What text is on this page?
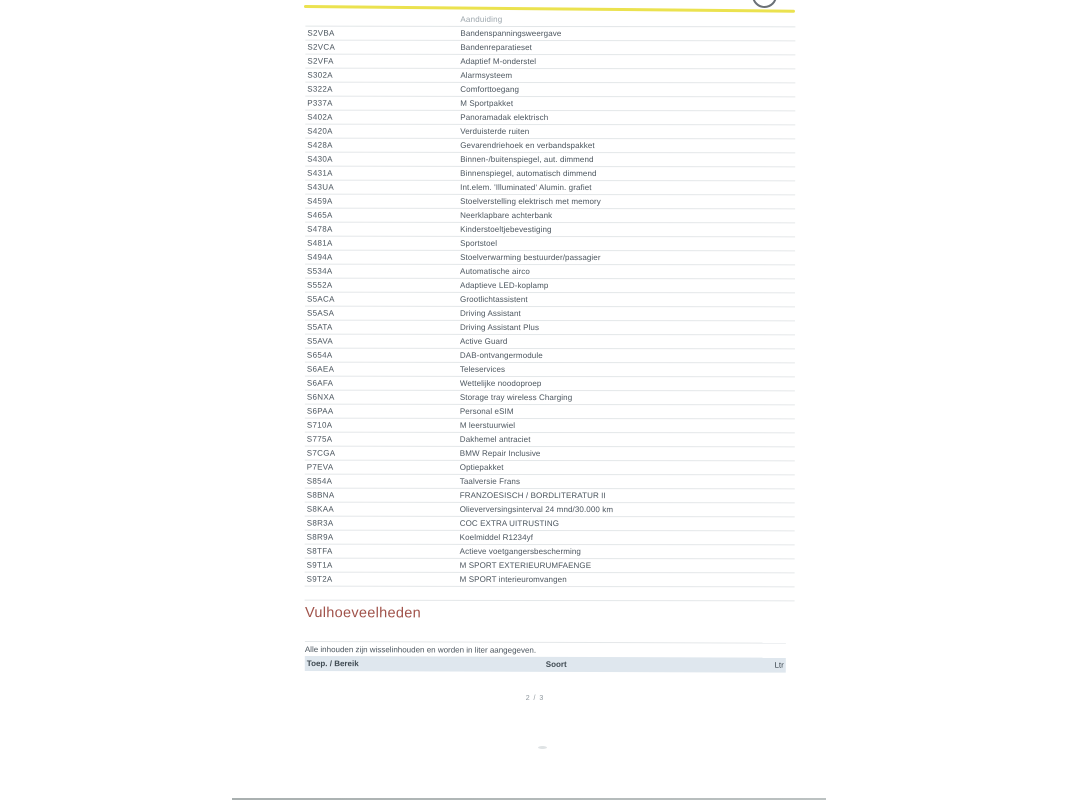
Aanduiding
S2VBA	Bandenspanningsweergave
S2VCA	Bandenreparatieset
S2VFA	Adaptief M-onderstel
S302A	Alarmsysteem
S322A	Comforttoegang
P337A	M Sportpakket
S402A	Panoramadak elektrisch
S420A	Verduisterde ruiten
S428A	Gevarendriehoek en verbandspakket
S430A	Binnen-/buitenspiegel, aut. dimmend
S431A	Binnenspiegel, automatisch dimmend
S43UA	Int.elem. 'Illuminated' Alumin. grafiet
S459A	Stoelverstelling elektrisch met memory
S465A	Neerklapbare achterbank
S478A	Kinderstoeltjebevestiging
S481A	Sportstoel
S494A	Stoelverwarming bestuurder/passagier
S534A	Automatische airco
S552A	Adaptieve LED-koplamp
S5ACA	Grootlichtassistent
S5ASA	Driving Assistant
S5ATA	Driving Assistant Plus
S5AVA	Active Guard
S654A	DAB-ontvangermodule
S6AEA	Teleservices
S6AFA	Wettelijke noodoproep
S6NXA	Storage tray wireless Charging
S6PAA	Personal eSIM
S710A	M leerstuurwiel
S775A	Dakhemel antraciet
S7CGA	BMW Repair Inclusive
P7EVA	Optiepakket
S854A	Taalversie Frans
S8BNA	FRANZOESISCH / BORDLITERATUR II
S8KAA	Olieverversingsinterval 24 mnd/30.000 km
S8R3A	COC EXTRA UITRUSTING
S8R9A	Koelmiddel R1234yf
S8TFA	Actieve voetgangersbescherming
S9T1A	M SPORT EXTERIEURUMFAENGE
S9T2A	M SPORT interieuromvangen
Vulhoeveelheden
Alle inhouden zijn wisselinhouden en worden in liter aangegeven.
Toep. / Bereik	Soort	Ltr
2 / 3
